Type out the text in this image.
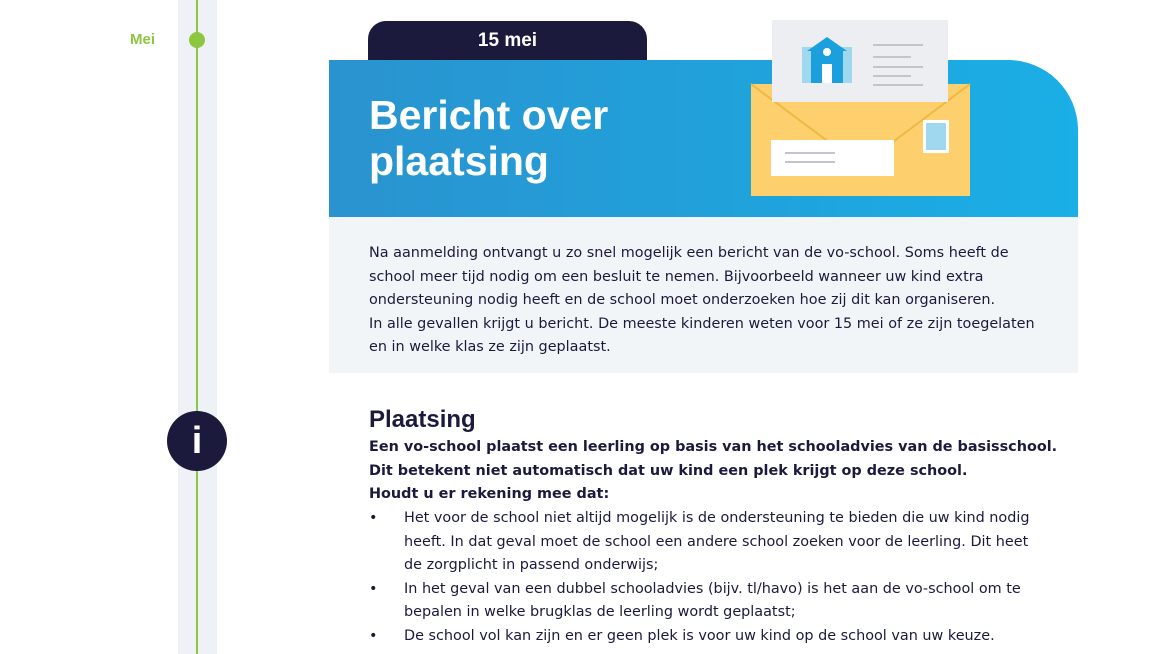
Mei
i
15 mei
Bericht over plaatsing

Na aanmelding ontvangt u zo snel mogelijk een bericht van de vo-school. Soms heeft de

school meer tijd nodig om een besluit te nemen. Bijvoorbeeld wanneer uw kind extra

ondersteuning nodig heeft en de school moet onderzoeken hoe zij dit kan organiseren.

In alle gevallen krijgt u bericht. De meeste kinderen weten voor 15 mei of ze zijn toegelaten

en in welke klas ze zijn geplaatst.

Plaatsing

Een vo-school plaatst een leerling op basis van het schooladvies van de basisschool.

Dit betekent niet automatisch dat uw kind een plek krijgt op deze school.

Houdt u er rekening mee dat:

• Het voor de school niet altijd mogelijk is de ondersteuning te bieden die uw kind nodig heeft. In dat geval moet de school een andere school zoeken voor de leerling. Dit heet de zorgplicht in passend onderwijs;
• In het geval van een dubbel schooladvies (bijv. tl/havo) is het aan de vo-school om te bepalen in welke brugklas de leerling wordt geplaatst;
• De school vol kan zijn en er geen plek is voor uw kind op de school van uw keuze.
